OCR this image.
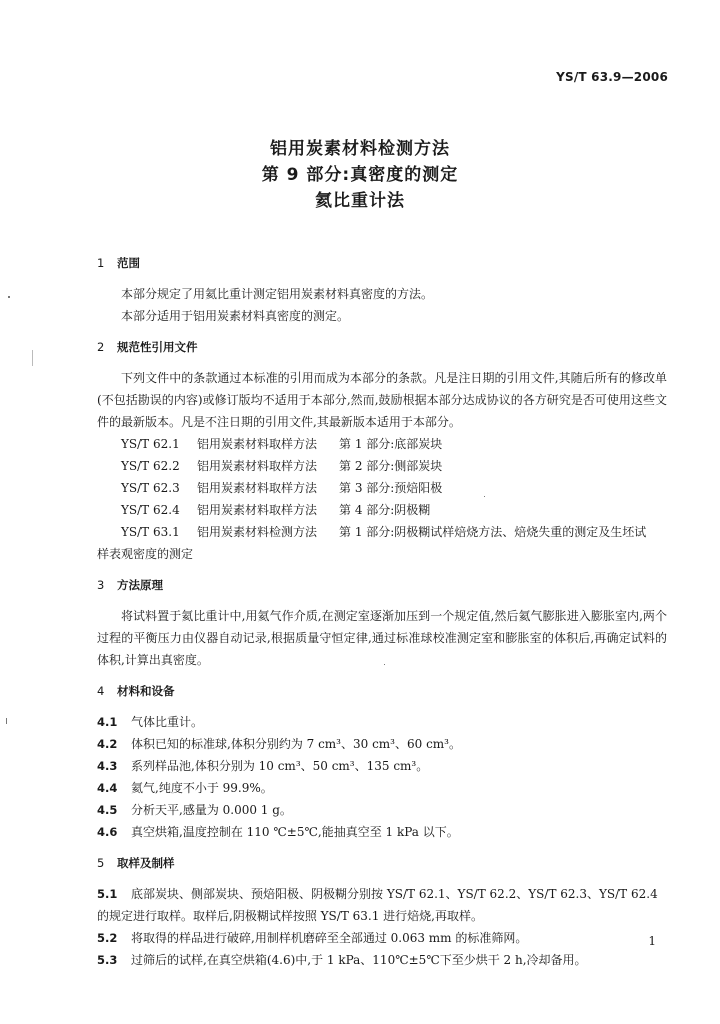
YS/T 63.9—2006
铝用炭素材料检测方法
第 9 部分:真密度的测定
氦比重计法
1 范围
本部分规定了用氦比重计测定铝用炭素材料真密度的方法。
本部分适用于铝用炭素材料真密度的测定。
2 规范性引用文件
下列文件中的条款通过本标准的引用而成为本部分的条款。凡是注日期的引用文件,其随后所有的修改单(不包括勘误的内容)或修订版均不适用于本部分,然而,鼓励根据本部分达成协议的各方研究是否可使用这些文件的最新版本。凡是不注日期的引用文件,其最新版本适用于本部分。
YS/T 62.1 铝用炭素材料取样方法 第 1 部分:底部炭块
YS/T 62.2 铝用炭素材料取样方法 第 2 部分:侧部炭块
YS/T 62.3 铝用炭素材料取样方法 第 3 部分:预焙阳极
YS/T 62.4 铝用炭素材料取样方法 第 4 部分:阴极糊
YS/T 63.1 铝用炭素材料检测方法 第 1 部分:阴极糊试样焙烧方法、焙烧失重的测定及生坯试
样表观密度的测定
3 方法原理
将试料置于氦比重计中,用氦气作介质,在测定室逐渐加压到一个规定值,然后氦气膨胀进入膨胀室内,两个过程的平衡压力由仪器自动记录,根据质量守恒定律,通过标准球校准测定室和膨胀室的体积后,再确定试料的体积,计算出真密度。
4 材料和设备
4.1 气体比重计。
4.2 体积已知的标准球,体积分别约为 7 cm³、30 cm³、60 cm³。
4.3 系列样品池,体积分别为 10 cm³、50 cm³、135 cm³。
4.4 氦气,纯度不小于 99.9%。
4.5 分析天平,感量为 0.000 1 g。
4.6 真空烘箱,温度控制在 110 ℃±5℃,能抽真空至 1 kPa 以下。
5 取样及制样
5.1 底部炭块、侧部炭块、预焙阳极、阴极糊分别按 YS/T 62.1、YS/T 62.2、YS/T 62.3、YS/T 62.4
的规定进行取样。取样后,阴极糊试样按照 YS/T 63.1 进行焙烧,再取样。
5.2 将取得的样品进行破碎,用制样机磨碎至全部通过 0.063 mm 的标准筛网。
5.3 过筛后的试样,在真空烘箱(4.6)中,于 1 kPa、110℃±5℃下至少烘干 2 h,冷却备用。
1
